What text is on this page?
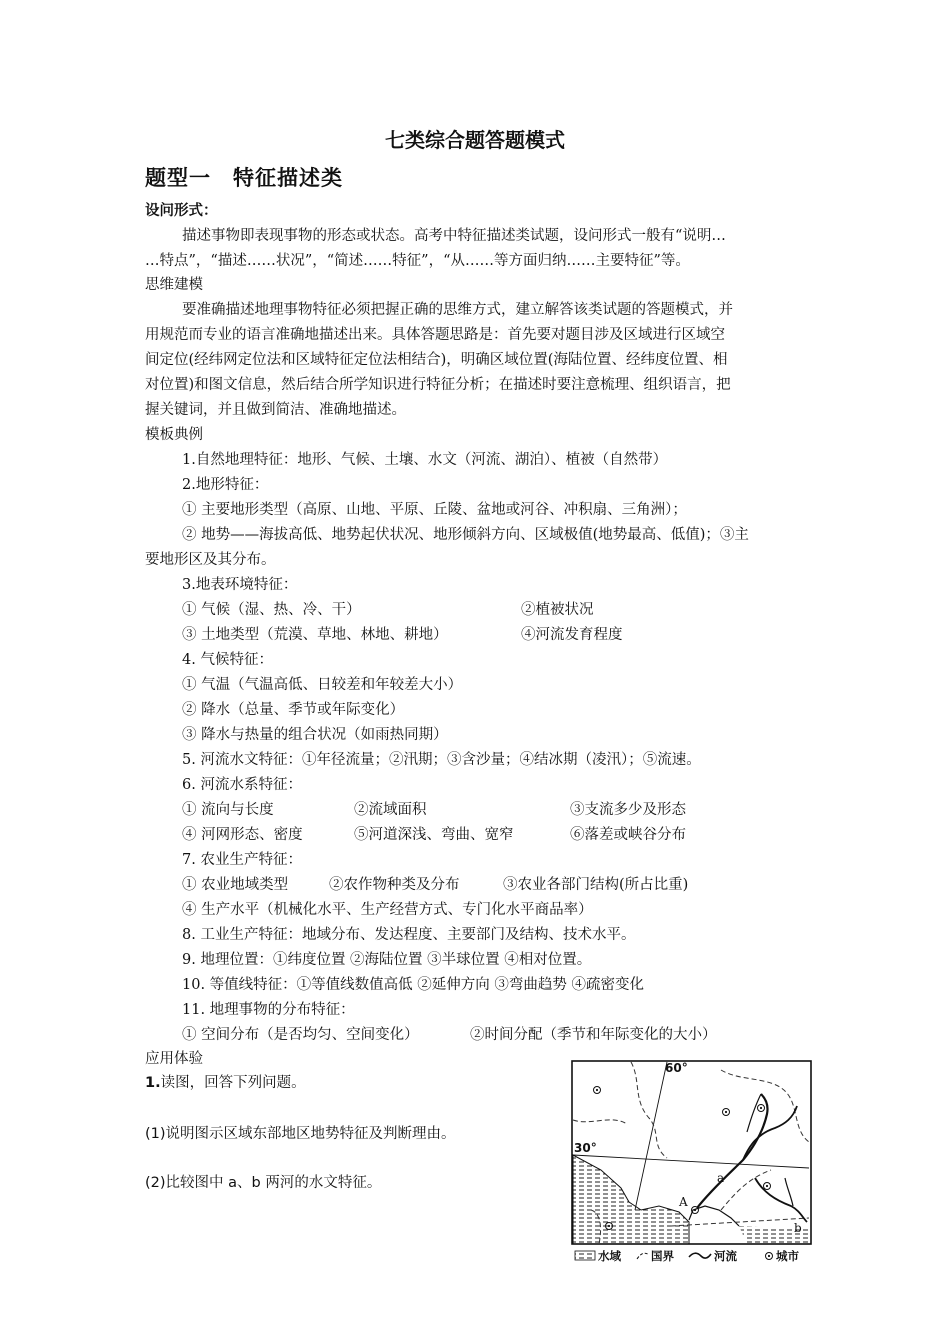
七类综合题答题模式
题型一　特征描述类
设问形式：
描述事物即表现事物的形态或状态。高考中特征描述类试题，设问形式一般有“说明…
…特点”，“描述……状况”，“简述……特征”，“从……等方面归纳……主要特征”等。
思维建模
要准确描述地理事物特征必须把握正确的思维方式，建立解答该类试题的答题模式，并
用规范而专业的语言准确地描述出来。具体答题思路是：首先要对题目涉及区域进行区域空
间定位(经纬网定位法和区域特征定位法相结合)，明确区域位置(海陆位置、经纬度位置、相
对位置)和图文信息，然后结合所学知识进行特征分析；在描述时要注意梳理、组织语言，把
握关键词，并且做到简洁、准确地描述。
模板典例
1.自然地理特征：地形、气候、土壤、水文（河流、湖泊）、植被（自然带）
2.地形特征：
① 主要地形类型（高原、山地、平原、丘陵、盆地或河谷、冲积扇、三角洲）；
② 地势——海拔高低、地势起伏状况、地形倾斜方向、区域极值(地势最高、低值)；③主
要地形区及其分布。
3.地表环境特征：
① 气候（湿、热、冷、干）	②植被状况
③ 土地类型（荒漠、草地、林地、耕地）	④河流发育程度
4. 气候特征：
① 气温（气温高低、日较差和年较差大小）
② 降水（总量、季节或年际变化）
③ 降水与热量的组合状况（如雨热同期）
5. 河流水文特征：①年径流量；②汛期；③含沙量；④结冰期（凌汛）；⑤流速。
6. 河流水系特征：
① 流向与长度	②流域面积	③支流多少及形态
④ 河网形态、密度	⑤河道深浅、弯曲、宽窄	⑥落差或峡谷分布
7. 农业生产特征：
① 农业地域类型	②农作物种类及分布	③农业各部门结构(所占比重)
④ 生产水平（机械化水平、生产经营方式、专门化水平商品率）
8. 工业生产特征：地域分布、发达程度、主要部门及结构、技术水平。
9. 地理位置：①纬度位置 ②海陆位置 ③半球位置 ④相对位置。
10. 等值线特征：①等值线数值高低 ②延伸方向 ③弯曲趋势 ④疏密变化
11. 地理事物的分布特征：
① 空间分布（是否均匀、空间变化）	②时间分配（季节和年际变化的大小）
应用体验
1.读图，回答下列问题。
(1)说明图示区域东部地区地势特征及判断理由。
(2)比较图中 a、b 两河的水文特征。
60°
30°
a
A
b
水域	国界	河流	城市
